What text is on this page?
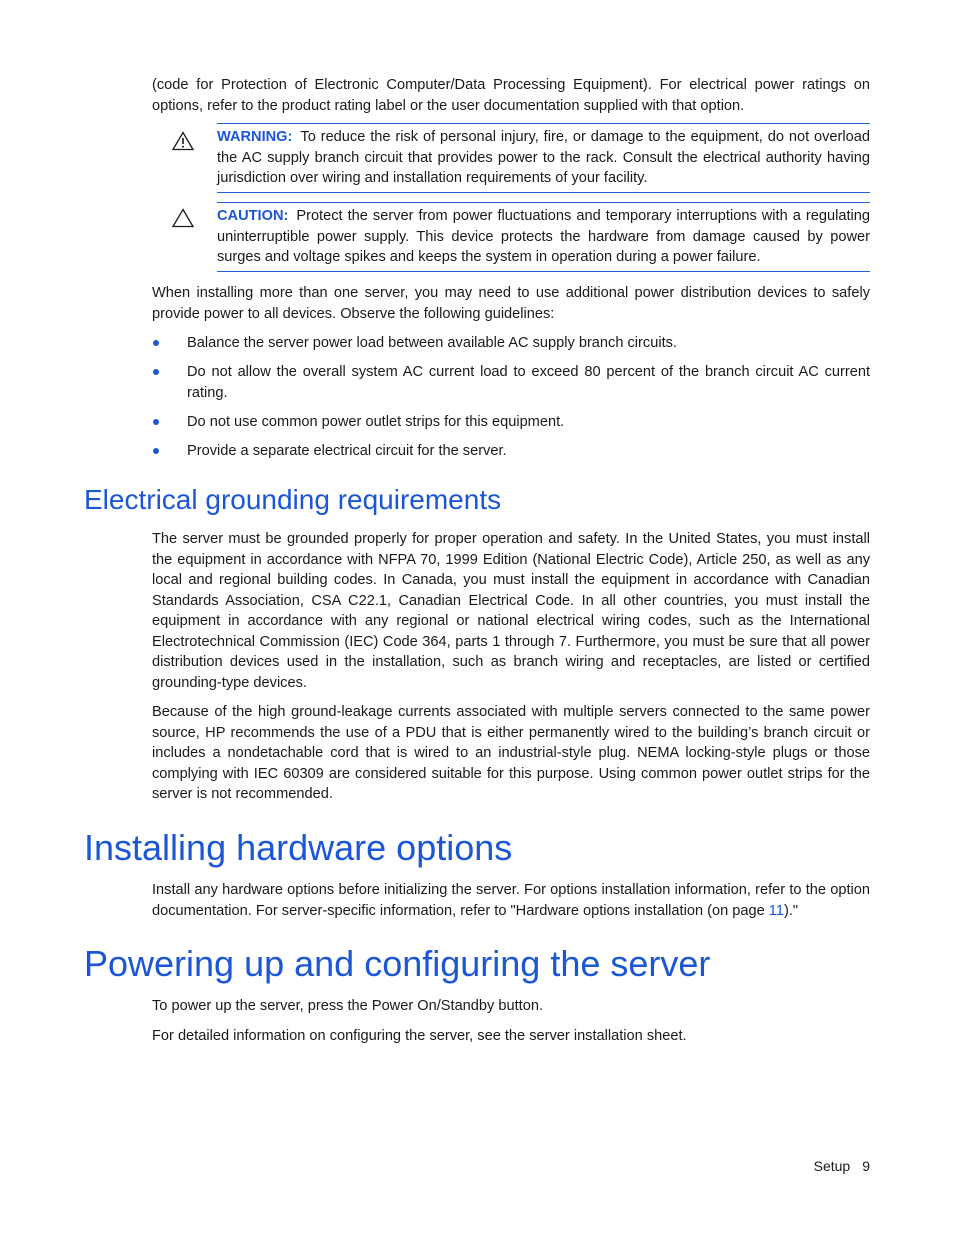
(code for Protection of Electronic Computer/Data Processing Equipment). For electrical power ratings on options, refer to the product rating label or the user documentation supplied with that option.

WARNING: To reduce the risk of personal injury, fire, or damage to the equipment, do not overload the AC supply branch circuit that provides power to the rack. Consult the electrical authority having jurisdiction over wiring and installation requirements of your facility.
CAUTION: Protect the server from power fluctuations and temporary interruptions with a regulating uninterruptible power supply. This device protects the hardware from damage caused by power surges and voltage spikes and keeps the system in operation during a power failure.

When installing more than one server, you may need to use additional power distribution devices to safely provide power to all devices. Observe the following guidelines:

Balance the server power load between available AC supply branch circuits.
Do not allow the overall system AC current load to exceed 80 percent of the branch circuit AC current rating.
Do not use common power outlet strips for this equipment.
Provide a separate electrical circuit for the server.
Electrical grounding requirements

The server must be grounded properly for proper operation and safety. In the United States, you must install the equipment in accordance with NFPA 70, 1999 Edition (National Electric Code), Article 250, as well as any local and regional building codes. In Canada, you must install the equipment in accordance with Canadian Standards Association, CSA C22.1, Canadian Electrical Code. In all other countries, you must install the equipment in accordance with any regional or national electrical wiring codes, such as the International Electrotechnical Commission (IEC) Code 364, parts 1 through 7. Furthermore, you must be sure that all power distribution devices used in the installation, such as branch wiring and receptacles, are listed or certified grounding-type devices.

Because of the high ground-leakage currents associated with multiple servers connected to the same power source, HP recommends the use of a PDU that is either permanently wired to the building’s branch circuit or includes a nondetachable cord that is wired to an industrial-style plug. NEMA locking-style plugs or those complying with IEC 60309 are considered suitable for this purpose. Using common power outlet strips for the server is not recommended.

Installing hardware options

Install any hardware options before initializing the server. For options installation information, refer to the option documentation. For server-specific information, refer to "Hardware options installation (on page 11)."

Powering up and configuring the server

To power up the server, press the Power On/Standby button.

For detailed information on configuring the server, see the server installation sheet.

Setup 9
